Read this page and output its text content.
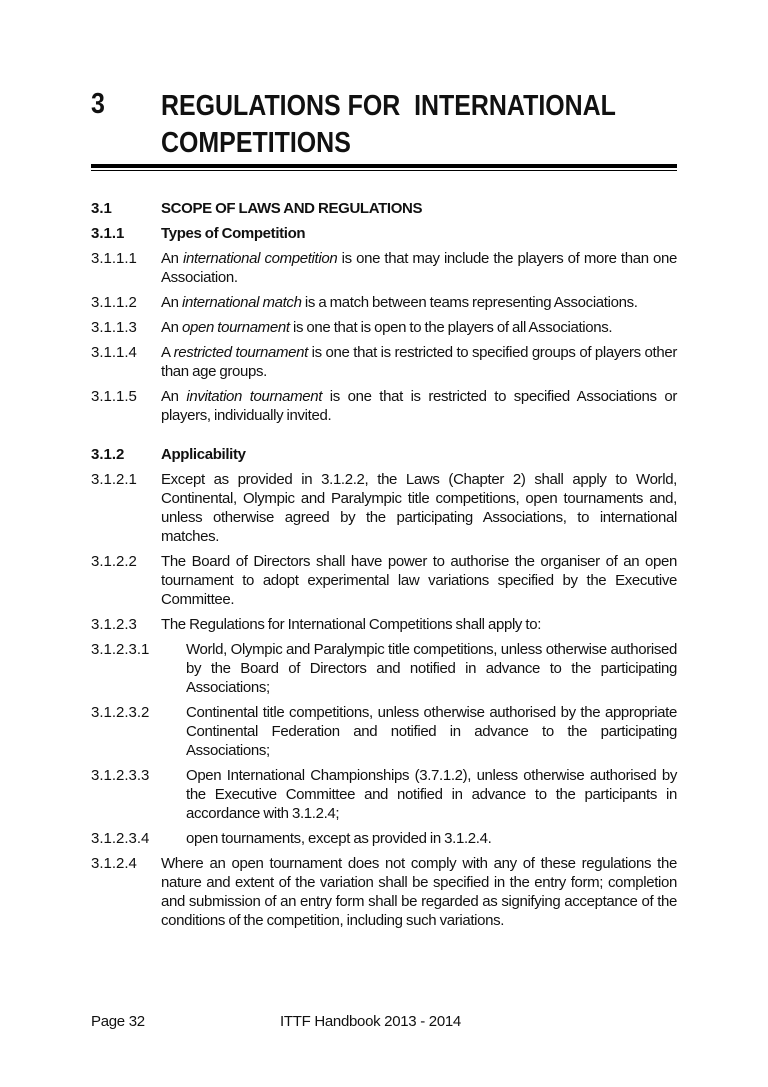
3 REGULATIONS FOR  INTERNATIONAL
COMPETITIONS
3.1	SCOPE OF LAWS AND REGULATIONS
3.1.1	Types of Competition
3.1.1.1	An international competition is one that may include the players of more than one Association.
3.1.1.2	An international match is a match between teams representing Associations.
3.1.1.3	An open tournament is one that is open to the players of all Associations.
3.1.1.4	A restricted tournament is one that is restricted to specified groups of players other than age groups.
3.1.1.5	An invitation tournament is one that is restricted to specified Associations or players, individually invited.
3.1.2	Applicability
3.1.2.1	Except as provided in 3.1.2.2, the Laws (Chapter 2) shall apply to World, Continental, Olympic and Paralympic title competitions, open tournaments and, unless otherwise agreed by the participating Associations, to international matches.
3.1.2.2	The Board of Directors shall have power to authorise the organiser of an open tournament to adopt experimental law variations specified by the Executive Committee.
3.1.2.3	The Regulations for International Competitions shall apply to:
3.1.2.3.1	World, Olympic and Paralympic title competitions, unless otherwise authorised by the Board of Directors and notified in advance to the participating Associations;
3.1.2.3.2	Continental title competitions, unless otherwise authorised by the appropriate Continental Federation and notified in advance to the participating Associations;
3.1.2.3.3	Open International Championships (3.7.1.2), unless otherwise authorised by the Executive Committee and notified in advance to the participants in accordance with 3.1.2.4;
3.1.2.3.4	open tournaments, except as provided in 3.1.2.4.
3.1.2.4	Where an open tournament does not comply with any of these regulations the nature and extent of the variation shall be specified in the entry form; completion and submission of an entry form shall be regarded as signifying acceptance of the conditions of the competition, including such variations.
Page 32	ITTF Handbook 2013 - 2014
